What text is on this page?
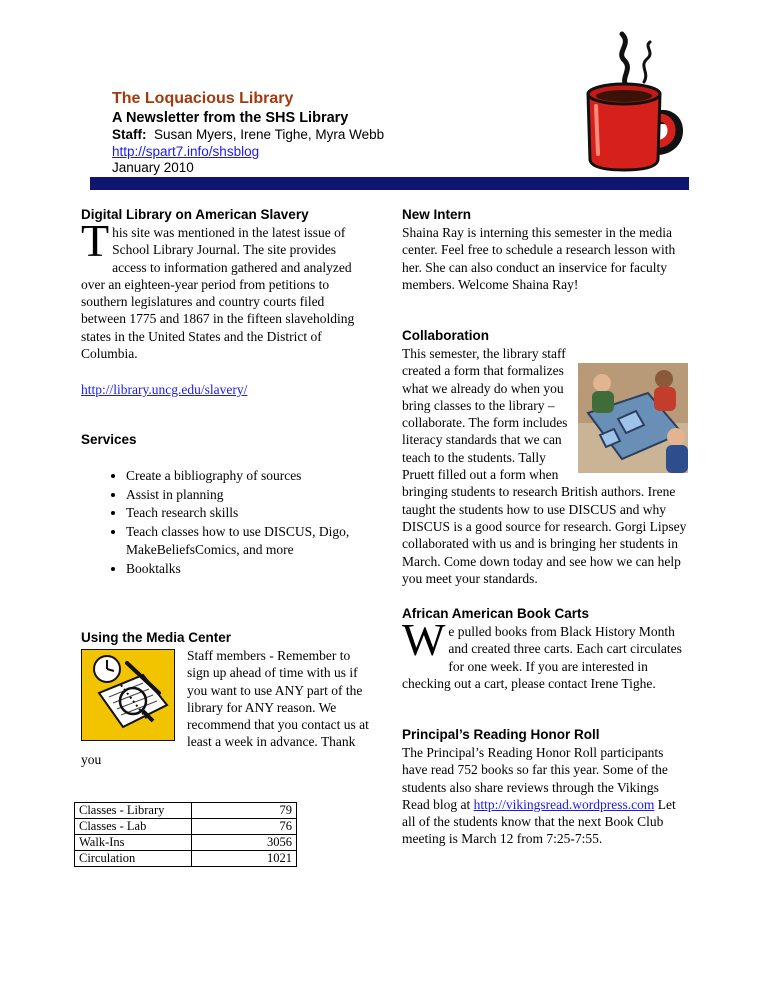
The Loquacious Library
A Newsletter from the SHS Library
Staff: Susan Myers, Irene Tighe, Myra Webb
http://spart7.info/shsblog
January 2010
Digital Library on American Slavery
This site was mentioned in the latest issue of School Library Journal. The site provides access to information gathered and analyzed over an eighteen-year period from petitions to southern legislatures and country courts filed between 1775 and 1867 in the fifteen slaveholding states in the United States and the District of Columbia.
http://library.uncg.edu/slavery/
Services
• Create a bibliography of sources
• Assist in planning
• Teach research skills
• Teach classes how to use DISCUS, Digo, MakeBeliefsComics, and more
• Booktalks
Using the Media Center
Staff members - Remember to sign up ahead of time with us if you want to use ANY part of the library for ANY reason. We recommend that you contact us at least a week in advance. Thank you
Classes - Library	79
Classes - Lab	76
Walk-Ins	3056
Circulation	1021
New Intern
Shaina Ray is interning this semester in the media center. Feel free to schedule a research lesson with her. She can also conduct an inservice for faculty members. Welcome Shaina Ray!
Collaboration
This semester, the library staff created a form that formalizes what we already do when you bring classes to the library – collaborate. The form includes literacy standards that we can teach to the students. Tally Pruett filled out a form when bringing students to research British authors. Irene taught the students how to use DISCUS and why DISCUS is a good source for research. Gorgi Lipsey collaborated with us and is bringing her students in March. Come down today and see how we can help you meet your standards.
African American Book Carts
We pulled books from Black History Month and created three carts. Each cart circulates for one week. If you are interested in checking out a cart, please contact Irene Tighe.
Principal’s Reading Honor Roll
The Principal’s Reading Honor Roll participants have read 752 books so far this year. Some of the students also share reviews through the Vikings Read blog at http://vikingsread.wordpress.com Let all of the students know that the next Book Club meeting is March 12 from 7:25-7:55.
